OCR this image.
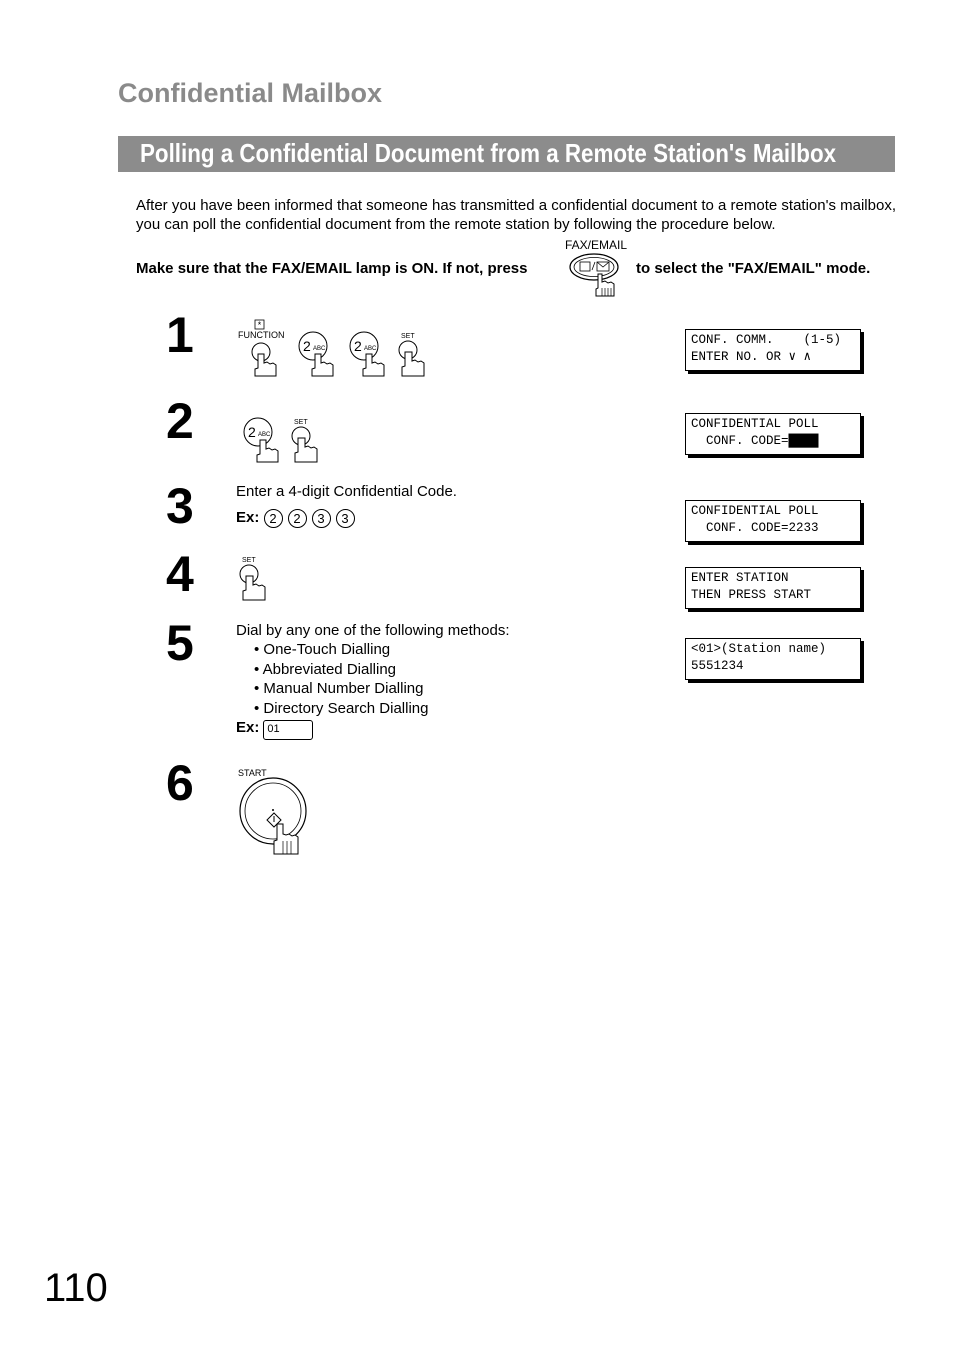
Confidential Mailbox
Polling a Confidential Document from a Remote Station's Mailbox
After you have been informed that someone has transmitted a confidential document to a remote station's mailbox, you can poll the confidential document from the remote station by following the procedure below.
FAX/EMAIL
Make sure that the FAX/EMAIL lamp is ON. If not, press	to select the "FAX/EMAIL" mode.
1	*
FUNCTION
2 ABC 2 ABC
SET	CONF. COMM.    (1-5)
ENTER NO. OR ∨ ∧
2	2 ABC
SET	CONFIDENTIAL POLL
CONF. CODE=████
3	Enter a 4-digit Confidential Code.
Ex: 2 2 3 3	CONFIDENTIAL POLL
CONF. CODE=2233
4	SET
ENTER STATION
THEN PRESS START
5	Dial by any one of the following methods:
• One-Touch Dialling
• Abbreviated Dialling
• Manual Number Dialling
• Directory Search Dialling
Ex: 01
<01>(Station name)
5551234
6	START
110
